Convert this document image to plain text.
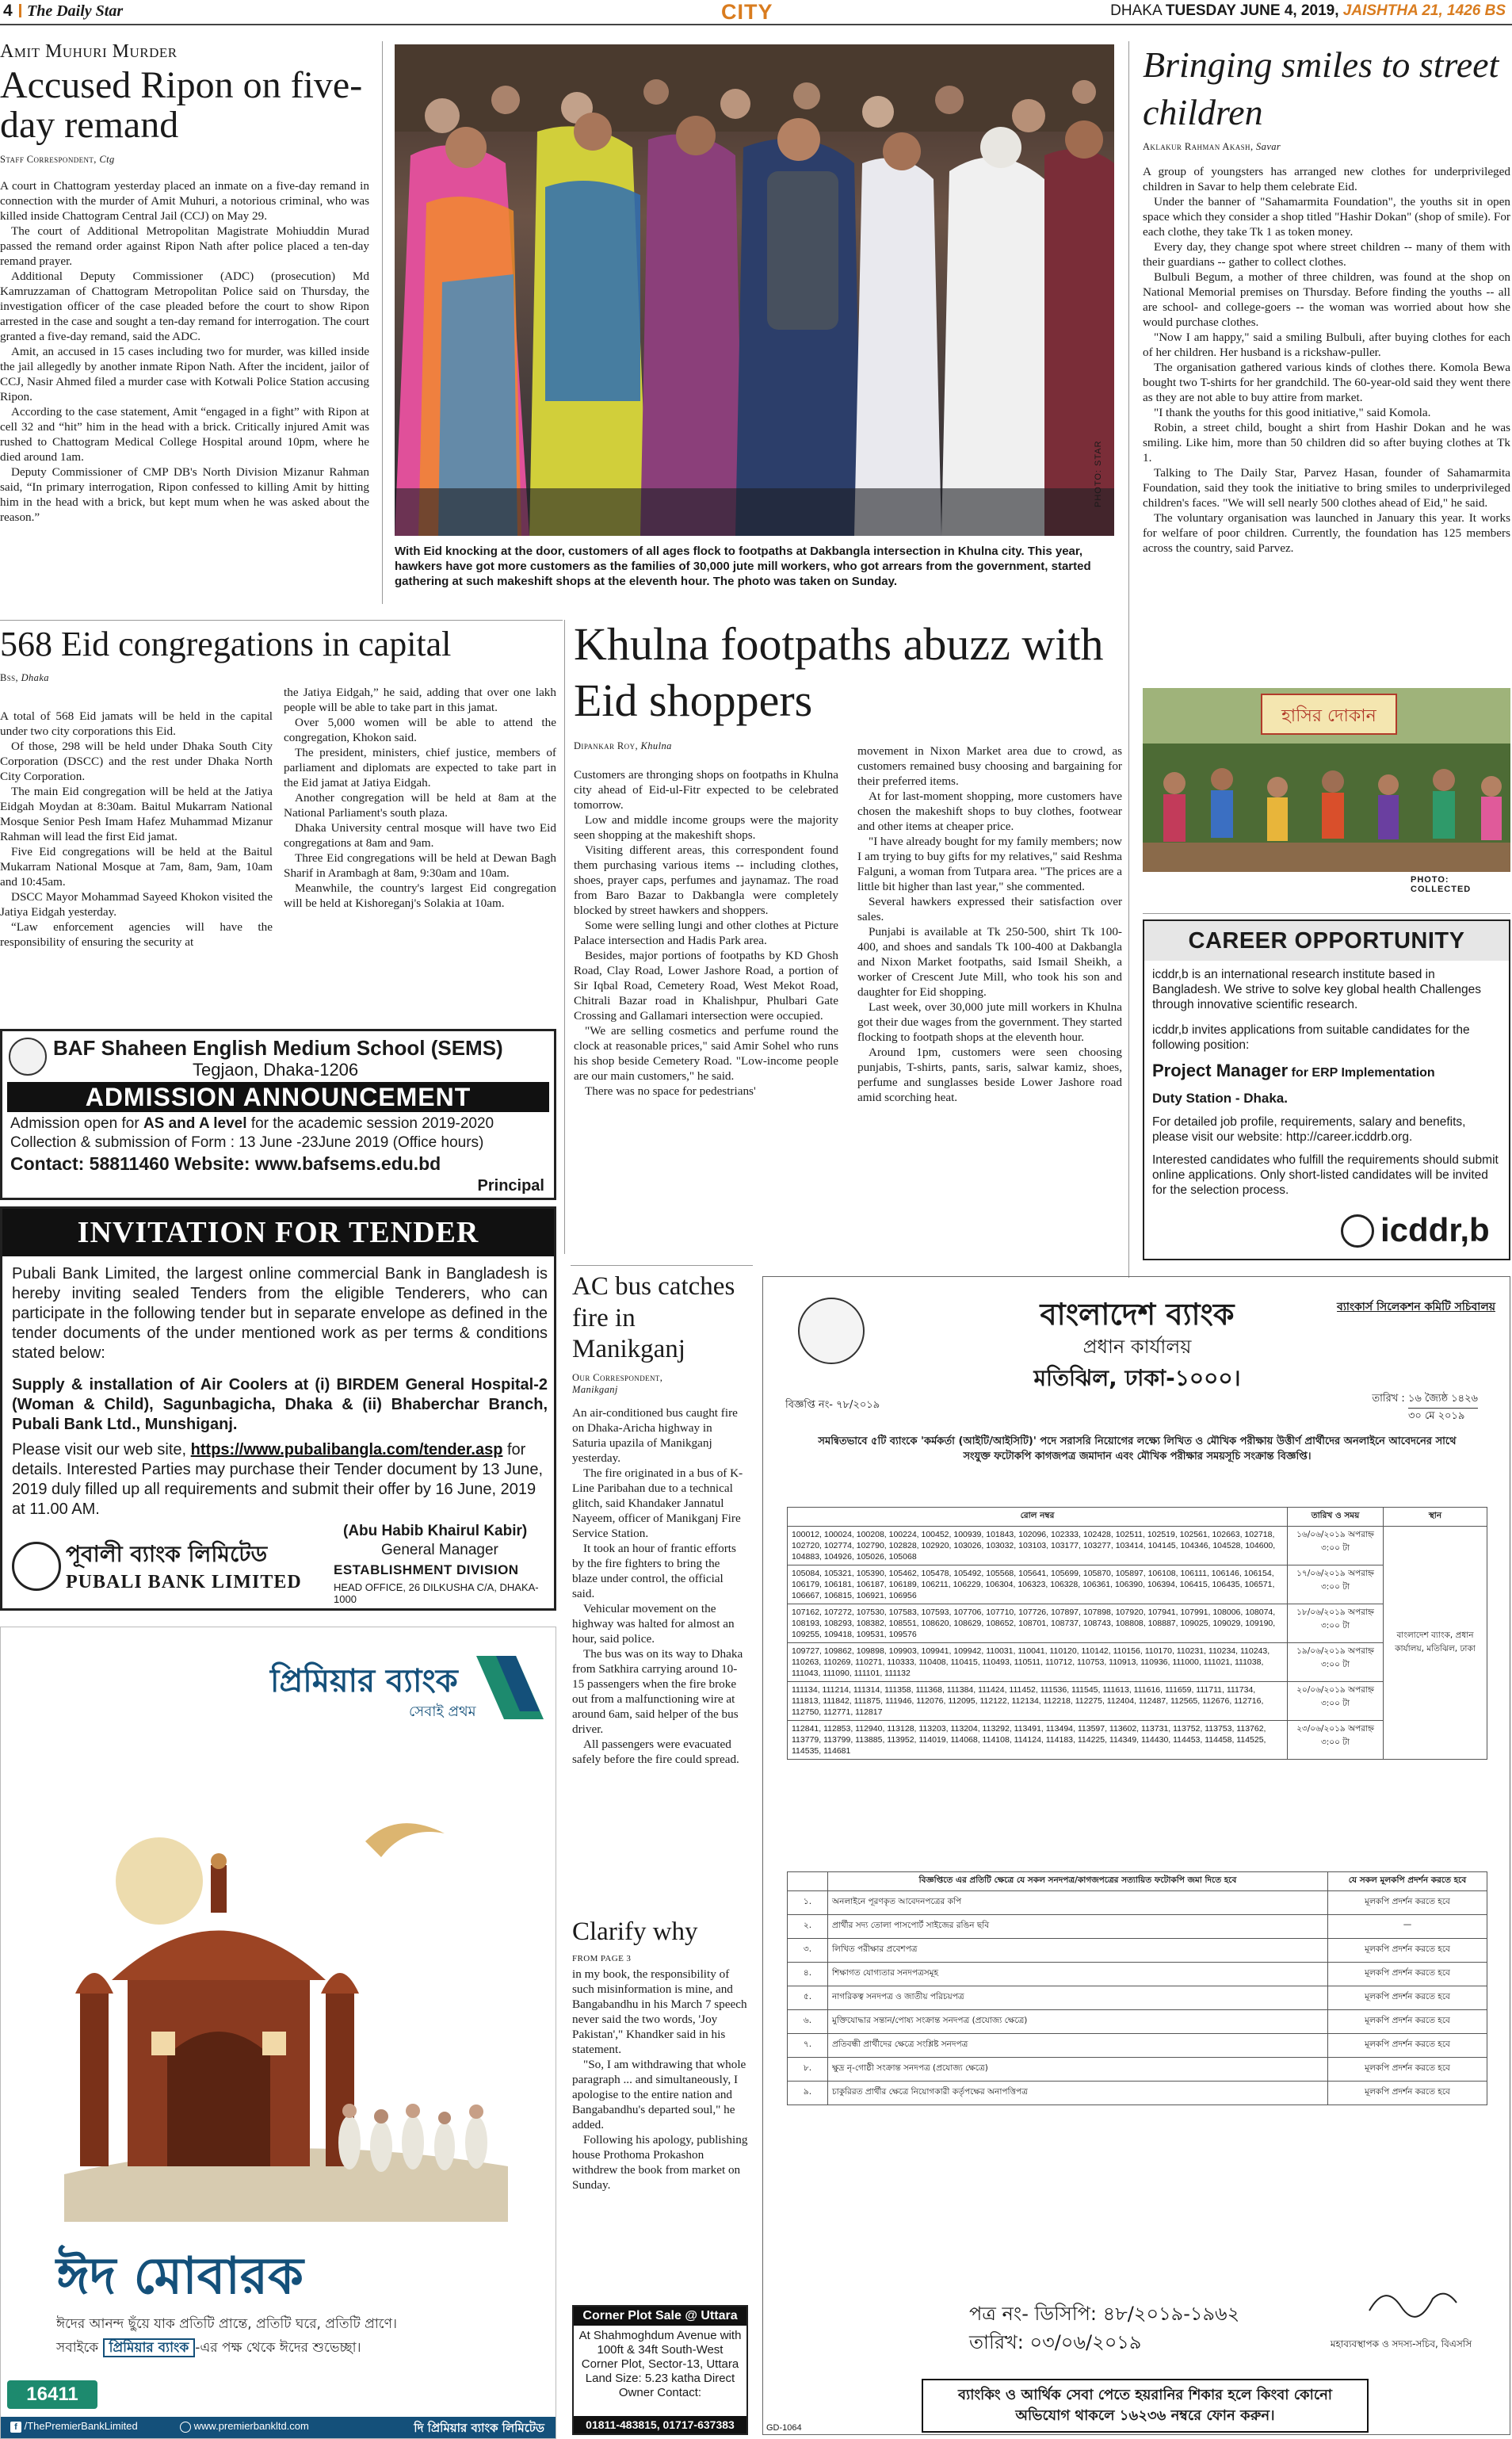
4 The Daily Star	CITY	DHAKA TUESDAY JUNE 4, 2019, JAISHTHA 21, 1426 BS
Amit Muhuri Murder
Accused Ripon on five-day remand
Staff Correspondent, Ctg

A court in Chattogram yesterday placed an inmate on a five-day remand in connection with the murder of Amit Muhuri, a notorious criminal, who was killed inside Chattogram Central Jail (CCJ) on May 29.

The court of Additional Metropolitan Magistrate Mohiuddin Murad passed the remand order against Ripon Nath after police placed a ten-day remand prayer.

Additional Deputy Commissioner (ADC) (prosecution) Md Kamruzzaman of Chattogram Metropolitan Police said on Thursday, the investigation officer of the case pleaded before the court to show Ripon arrested in the case and sought a ten-day remand for interrogation. The court granted a five-day remand, said the ADC.

Amit, an accused in 15 cases including two for murder, was killed inside the jail allegedly by another inmate Ripon Nath. After the incident, jailor of CCJ, Nasir Ahmed filed a murder case with Kotwali Police Station accusing Ripon.

According to the case statement, Amit “engaged in a fight” with Ripon at cell 32 and “hit” him in the head with a brick. Critically injured Amit was rushed to Chattogram Medical College Hospital around 10pm, where he died around 1am.

Deputy Commissioner of CMP DB's North Division Mizanur Rahman said, “In primary interrogation, Ripon confessed to killing Amit by hitting him in the head with a brick, but kept mum when he was asked about the reason.”

PHOTO: STAR
With Eid knocking at the door, customers of all ages flock to footpaths at Dakbangla intersection in Khulna city. This year, hawkers have got more customers as the families of 30,000 jute mill workers, who got arrears from the government, started gathering at such makeshift shops at the eleventh hour. The photo was taken on Sunday.
Bringing smiles to street children
Aklakur Rahman Akash, Savar

A group of youngsters has arranged new clothes for underprivileged children in Savar to help them celebrate Eid.

Under the banner of "Sahamarmita Foundation", the youths sit in open space which they consider a shop titled "Hashir Dokan" (shop of smile). For each clothe, they take Tk 1 as token money.

Every day, they change spot where street children -- many of them with their guardians -- gather to collect clothes.

Bulbuli Begum, a mother of three children, was found at the shop on National Memorial premises on Thursday. Before finding the youths -- all are school- and college-goers -- the woman was worried about how she would purchase clothes.

"Now I am happy," said a smiling Bulbuli, after buying clothes for each of her children. Her husband is a rickshaw-puller.

The organisation gathered various kinds of clothes there. Komola Bewa bought two T-shirts for her grandchild. The 60-year-old said they went there as they are not able to buy attire from market.

"I thank the youths for this good initiative," said Komola.

Robin, a street child, bought a shirt from Hashir Dokan and he was smiling. Like him, more than 50 children did so after buying clothes at Tk 1.

Talking to The Daily Star, Parvez Hasan, founder of Sahamarmita Foundation, said they took the initiative to bring smiles to underprivileged children's faces. "We will sell nearly 500 clothes ahead of Eid," he said.

The voluntary organisation was launched in January this year. It works for welfare of poor children. Currently, the foundation has 125 members across the country, said Parvez.

হাসির দোকান
PHOTO: COLLECTED
568 Eid congregations in capital
Bss, Dhaka

A total of 568 Eid jamats will be held in the capital under two city corporations this Eid.

Of those, 298 will be held under Dhaka South City Corporation (DSCC) and the rest under Dhaka North City Corporation.

The main Eid congregation will be held at the Jatiya Eidgah Moydan at 8:30am. Baitul Mukarram National Mosque Senior Pesh Imam Hafez Muhammad Mizanur Rahman will lead the first Eid jamat.

Five Eid congregations will be held at the Baitul Mukarram National Mosque at 7am, 8am, 9am, 10am and 10:45am.

DSCC Mayor Mohammad Sayeed Khokon visited the Jatiya Eidgah yesterday.

“Law enforcement agencies will have the responsibility of ensuring the security at

the Jatiya Eidgah,” he said, adding that over one lakh people will be able to take part in this jamat.

Over 5,000 women will be able to attend the congregation, Khokon said.

The president, ministers, chief justice, members of parliament and diplomats are expected to take part in the Eid jamat at Jatiya Eidgah.

Another congregation will be held at 8am at the National Parliament's south plaza.

Dhaka University central mosque will have two Eid congregations at 8am and 9am.

Three Eid congregations will be held at Dewan Bagh Sharif in Arambagh at 8am, 9:30am and 10am.

Meanwhile, the country's largest Eid congregation will be held at Kishoreganj's Solakia at 10am.

Khulna footpaths abuzz with Eid shoppers
Dipankar Roy, Khulna

Customers are thronging shops on footpaths in Khulna city ahead of Eid-ul-Fitr expected to be celebrated tomorrow.

Low and middle income groups were the majority seen shopping at the makeshift shops.

Visiting different areas, this correspondent found them purchasing various items -- including clothes, shoes, prayer caps, perfumes and jaynamaz. The road from Baro Bazar to Dakbangla were completely blocked by street hawkers and shoppers.

Some were selling lungi and other clothes at Picture Palace intersection and Hadis Park area.

Besides, major portions of footpaths by KD Ghosh Road, Clay Road, Lower Jashore Road, a portion of Sir Iqbal Road, Cemetery Road, West Mekot Road, Chitrali Bazar road in Khalishpur, Phulbari Gate Crossing and Gallamari intersection were occupied.

"We are selling cosmetics and perfume round the clock at reasonable prices," said Amir Sohel who runs his shop beside Cemetery Road. "Low-income people are our main customers," he said.

There was no space for pedestrians'

movement in Nixon Market area due to crowd, as customers remained busy choosing and bargaining for their preferred items.

At for last-moment shopping, more customers have chosen the makeshift shops to buy clothes, footwear and other items at cheaper price.

"I have already bought for my family members; now I am trying to buy gifts for my relatives," said Reshma Falguni, a woman from Tutpara area. "The prices are a little bit higher than last year," she commented.

Several hawkers expressed their satisfaction over sales.

Punjabi is available at Tk 250-500, shirt Tk 100-400, and shoes and sandals Tk 100-400 at Dakbangla and Nixon Market footpaths, said Ismail Sheikh, a worker of Crescent Jute Mill, who took his son and daughter for Eid shopping.

Last week, over 30,000 jute mill workers in Khulna got their due wages from the government. They started flocking to footpath shops at the eleventh hour.

Around 1pm, customers were seen choosing punjabis, T-shirts, pants, saris, salwar kamiz, shoes, perfume and sunglasses beside Lower Jashore road amid scorching heat.

BAF Shaheen English Medium School (SEMS)
Tegjaon, Dhaka-1206
ADMISSION ANNOUNCEMENT
Admission open for AS and A level for the academic session 2019-2020
Collection & submission of Form : 13 June -23June 2019 (Office hours)
Contact: 58811460 Website: www.bafsems.edu.bd
Principal
INVITATION FOR TENDER
Pubali Bank Limited, the largest online commercial Bank in Bangladesh is hereby inviting sealed Tenders from the eligible Tenderers, who can participate in the following tender but in separate envelope as defined in the tender documents of the under mentioned work as per terms & conditions stated below:
Supply & installation of Air Coolers at (i) BIRDEM General Hospital-2 (Woman & Child), Sagunbagicha, Dhaka & (ii) Bhaberchar Branch, Pubali Bank Ltd., Munshiganj.
Please visit our web site, https://www.pubalibangla.com/tender.asp for details. Interested Parties may purchase their Tender document by 13 June, 2019 duly filled up all requirements and submit their offer by 16 June, 2019 at 11.00 AM.
(Abu Habib Khairul Kabir)
General Manager
ESTABLISHMENT DIVISION
HEAD OFFICE, 26 DILKUSHA C/A, DHAKA-1000
পূবালী ব্যাংক লিমিটেড
PUBALI BANK LIMITED
প্রিমিয়ার ব্যাংক
সেবাই প্রথম
ঈদ মোবারক
ঈদের আনন্দ ছুঁয়ে যাক প্রতিটি প্রান্তে, প্রতিটি ঘরে, প্রতিটি প্রাণে।
সবাইকে প্রিমিয়ার ব্যাংক -এর পক্ষ থেকে ঈদের শুভেচ্ছা।
16411
f /ThePremierBankLimited	www.premierbankltd.com	দি প্রিমিয়ার ব্যাংক লিমিটেড
CAREER OPPORTUNITY
icddr,b is an international research institute based in Bangladesh. We strive to solve key global health Challenges through innovative scientific research.
icddr,b invites applications from suitable candidates for the following position:
Project Manager for ERP Implementation
Duty Station - Dhaka.
For detailed job profile, requirements, salary and benefits, please visit our website: http://career.icddrb.org.
Interested candidates who fulfill the requirements should submit online applications. Only short-listed candidates will be invited for the selection process.
icddr,b
AC bus catches fire in Manikganj
Our Correspondent,
Manikganj

An air-conditioned bus caught fire on Dhaka-Aricha highway in Saturia upazila of Manikganj yesterday.

The fire originated in a bus of K-Line Paribahan due to a technical glitch, said Khandaker Jannatul Nayeem, officer of Manikganj Fire Service Station.

It took an hour of frantic efforts by the fire fighters to bring the blaze under control, the official said.

Vehicular movement on the highway was halted for almost an hour, said police.

The bus was on its way to Dhaka from Satkhira carrying around 10-15 passengers when the fire broke out from a malfunctioning wire at around 6am, said helper of the bus driver.

All passengers were evacuated safely before the fire could spread.

Clarify why
FROM PAGE 3

in my book, the responsibility of such misinformation is mine, and Bangabandhu in his March 7 speech never said the two words, 'Joy Pakistan'," Khandker said in his statement.

"So, I am withdrawing that whole paragraph ... and simultaneously, I apologise to the entire nation and Bangabandhu's departed soul," he added.

Following his apology, publishing house Prothoma Prokashon withdrew the book from market on Sunday.

Corner Plot Sale @ Uttara
At Shahmoghdum Avenue with 100ft & 34ft South-West Corner Plot, Sector-13, Uttara Land Size: 5.23 katha Direct Owner Contact:
01811-483815, 01717-637383
বাংলাদেশ ব্যাংক
প্রধান কার্যালয়
মতিঝিল, ঢাকা-১০০০।
ব্যাংকার্স সিলেকশন কমিটি সচিবালয়
বিজ্ঞপ্তি নং- ৭৮/২০১৯
তারিখ : ১৬ জ্যৈষ্ঠ ১৪২৬
৩০ মে ২০১৯
সমন্বিতভাবে ৫টি ব্যাংকে 'কর্মকর্তা (আইটি/আইসিটি)' পদে সরাসরি নিয়োগের লক্ষ্যে লিখিত ও মৌখিক পরীক্ষায় উত্তীর্ণ প্রার্থীদের অনলাইনে আবেদনের সাথে সংযুক্ত ফটোকপি কাগজপত্র জমাদান এবং মৌখিক পরীক্ষার সময়সূচি সংক্রান্ত বিজ্ঞপ্তি।
রোল নম্বর	তারিখ ও সময়	স্থান
100012, 100024, 100208, 100224, 100452, 100939, 101843, 102096, 102333, 102428, 102511, 102519, 102561, 102663, 102718, 102720, 102774, 102790, 102828, 102920, 103026, 103032, 103103, 103177, 103277, 103414, 104145, 104346, 104528, 104600, 104883, 104926, 105026, 105068	১৬/০৬/২০১৯ অপরাহ্ন ৩:০০ টা	বাংলাদেশ ব্যাংক, প্রধান কার্যালয়, মতিঝিল, ঢাকা
105084, 105321, 105390, 105462, 105478, 105492, 105568, 105641, 105699, 105870, 105897, 106108, 106111, 106146, 106154, 106179, 106181, 106187, 106189, 106211, 106229, 106304, 106323, 106328, 106361, 106390, 106394, 106415, 106435, 106571, 106667, 106815, 106921, 106956	১৭/০৬/২০১৯ অপরাহ্ন ৩:০০ টা	
107162, 107272, 107530, 107583, 107593, 107706, 107710, 107726, 107897, 107898, 107920, 107941, 107991, 108006, 108074, 108193, 108293, 108382, 108551, 108620, 108629, 108652, 108701, 108737, 108743, 108808, 108887, 109025, 109029, 109190, 109255, 109418, 109531, 109576	১৮/০৬/২০১৯ অপরাহ্ন ৩:০০ টা	
109727, 109862, 109898, 109903, 109941, 109942, 110031, 110041, 110120, 110142, 110156, 110170, 110231, 110234, 110243, 110263, 110269, 110271, 110333, 110408, 110415, 110493, 110511, 110712, 110753, 110913, 110936, 111000, 111021, 111038, 111043, 111090, 111101, 111132	১৯/০৬/২০১৯ অপরাহ্ন ৩:০০ টা	
111134, 111214, 111314, 111358, 111368, 111384, 111424, 111452, 111536, 111545, 111613, 111616, 111659, 111711, 111734, 111813, 111842, 111875, 111946, 112076, 112095, 112122, 112134, 112218, 112275, 112404, 112487, 112565, 112676, 112716, 112750, 112771, 112817	২০/০৬/২০১৯ অপরাহ্ন ৩:০০ টা	
112841, 112853, 112940, 113128, 113203, 113204, 113292, 113491, 113494, 113597, 113602, 113731, 113752, 113753, 113762, 113779, 113799, 113885, 113952, 114019, 114068, 114108, 114124, 114183, 114225, 114349, 114430, 114453, 114458, 114525, 114535, 114681	২৩/০৬/২০১৯ অপরাহ্ন ৩:০০ টা	
	বিজ্ঞপ্তিতে এর প্রতিটি ক্ষেত্রে যে সকল সনদপত্র/কাগজপত্রের সত্যায়িত ফটোকপি জমা দিতে হবে	যে সকল মূলকপি প্রদর্শন করতে হবে
১.	অনলাইনে পূরণকৃত আবেদনপত্রের কপি	মূলকপি প্রদর্শন করতে হবে
২.	প্রার্থীর সদ্য তোলা পাসপোর্ট সাইজের রঙিন ছবি	—
৩.	লিখিত পরীক্ষার প্রবেশপত্র	মূলকপি প্রদর্শন করতে হবে
৪.	শিক্ষাগত যোগ্যতার সনদপত্রসমূহ	মূলকপি প্রদর্শন করতে হবে
৫.	নাগরিকত্ব সনদপত্র ও জাতীয় পরিচয়পত্র	মূলকপি প্রদর্শন করতে হবে
৬.	মুক্তিযোদ্ধার সন্তান/পোষ্য সংক্রান্ত সনদপত্র (প্রযোজ্য ক্ষেত্রে)	মূলকপি প্রদর্শন করতে হবে
৭.	প্রতিবন্ধী প্রার্থীদের ক্ষেত্রে সংশ্লিষ্ট সনদপত্র	মূলকপি প্রদর্শন করতে হবে
৮.	ক্ষুদ্র নৃ-গোষ্ঠী সংক্রান্ত সনদপত্র (প্রযোজ্য ক্ষেত্রে)	মূলকপি প্রদর্শন করতে হবে
৯.	চাকুরিরত প্রার্থীর ক্ষেত্রে নিয়োগকারী কর্তৃপক্ষের অনাপত্তিপত্র	মূলকপি প্রদর্শন করতে হবে
পত্র নং- ডিসিপি: ৪৮/২০১৯-১৯৬২
তারিখ: ০৩/০৬/২০১৯	মহাব্যবস্থাপক ও সদস্য-সচিব, বিএসসি
ব্যাংকিং ও আর্থিক সেবা পেতে হয়রানির শিকার হলে কিংবা কোনো অভিযোগ থাকলে ১৬২৩৬ নম্বরে ফোন করুন।
GD-1064
